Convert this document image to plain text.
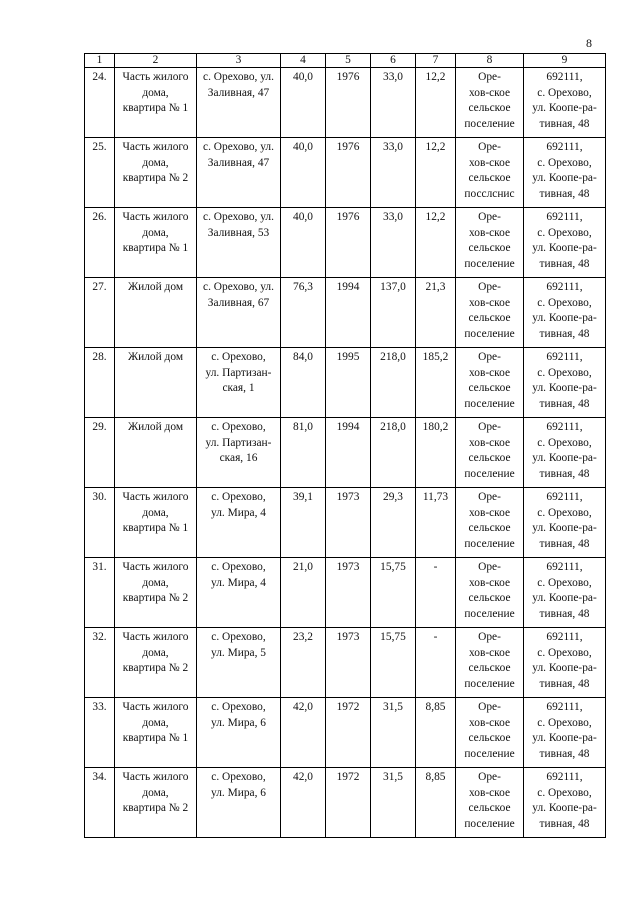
8
1	2	3	4	5	6	7	8	9
24.	Часть жилого
дома,
квартира № 1	с. Орехово, ул.
Заливная, 47	40,0	1976	33,0	12,2	Оре-
хов-ское
сельское
поселение	692111,
с. Орехово,
ул. Коопе-ра-
тивная, 48

25.	Часть жилого
дома,
квартира № 2	с. Орехово, ул.
Заливная, 47	40,0	1976	33,0	12,2	Оре-
хов-ское
сельское
посслснис	692111,
с. Орехово,
ул. Коопе-ра-
тивная, 48

26.	Часть жилого
дома,
квартира № 1	с. Орехово, ул.
Заливная, 53	40,0	1976	33,0	12,2	Оре-
хов-ское
сельское
поселение	692111,
с. Орехово,
ул. Коопе-ра-
тивная, 48

27.	Жилой дом	с. Орехово, ул.
Заливная, 67	76,3	1994	137,0	21,3	Оре-
хов-ское
сельское
поселение	692111,
с. Орехово,
ул. Коопе-ра-
тивная, 48

28.	Жилой дом	с. Орехово,
ул. Партизан-
ская, 1	84,0	1995	218,0	185,2	Оре-
хов-ское
сельское
поселение	692111,
с. Орехово,
ул. Коопе-ра-
тивная, 48

29.	Жилой дом	с. Орехово,
ул. Партизан-
ская, 16	81,0	1994	218,0	180,2	Оре-
хов-ское
сельское
поселение	692111,
с. Орехово,
ул. Коопе-ра-
тивная, 48

30.	Часть жилого
дома,
квартира № 1	с. Орехово,
ул. Мира, 4	39,1	1973	29,3	11,73	Оре-
хов-ское
сельское
поселение	692111,
с. Орехово,
ул. Коопе-ра-
тивная, 48

31.	Часть жилого
дома,
квартира № 2	с. Орехово,
ул. Мира, 4	21,0	1973	15,75	-	Оре-
хов-ское
сельское
поселение	692111,
с. Орехово,
ул. Коопе-ра-
тивная, 48

32.	Часть жилого
дома,
квартира № 2	с. Орехово,
ул. Мира, 5	23,2	1973	15,75	-	Оре-
хов-ское
сельское
поселение	692111,
с. Орехово,
ул. Коопе-ра-
тивная, 48

33.	Часть жилого
дома,
квартира № 1	с. Орехово,
ул. Мира, 6	42,0	1972	31,5	8,85	Оре-
хов-ское
сельское
поселение	692111,
с. Орехово,
ул. Коопе-ра-
тивная, 48

34.	Часть жилого
дома,
квартира № 2	с. Орехово,
ул. Мира, 6	42,0	1972	31,5	8,85	Оре-
хов-ское
сельское
поселение	692111,
с. Орехово,
ул. Коопе-ра-
тивная, 48
